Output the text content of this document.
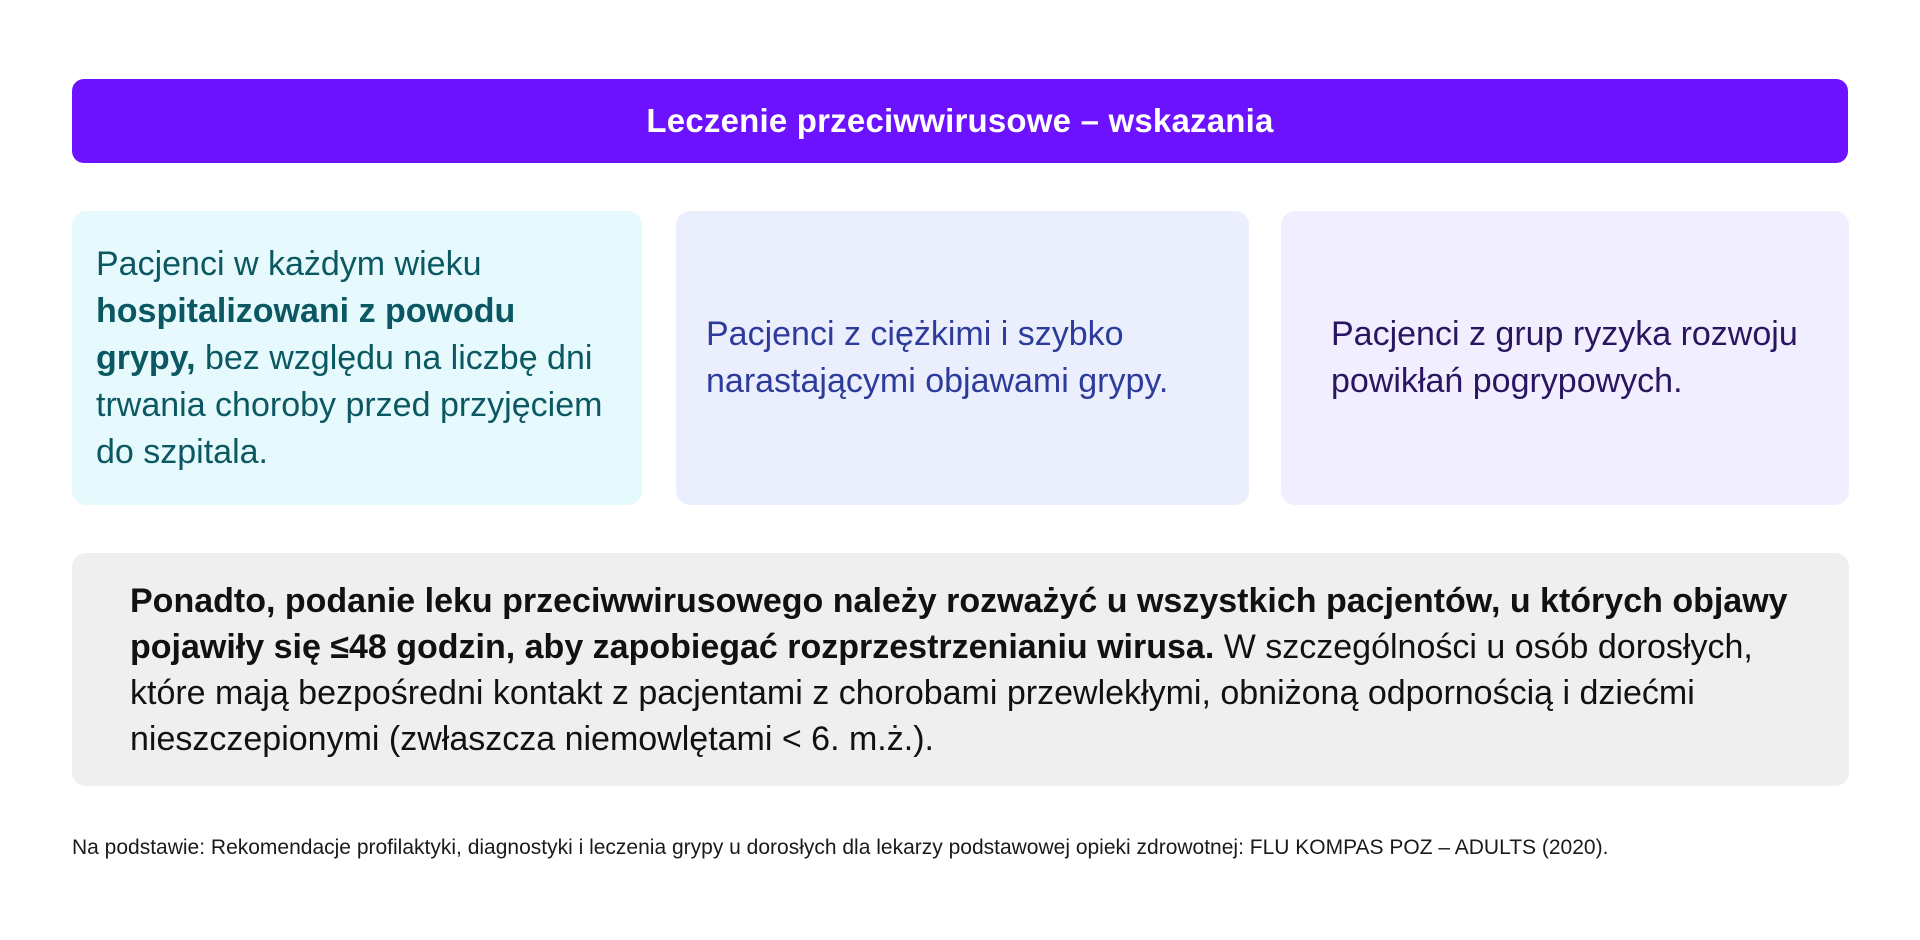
Leczenie przeciwwirusowe – wskazania

Pacjenci w każdym wieku hospitalizowani z powodu grypy, bez względu na liczbę dni trwania choroby przed przyjęciem do szpitala.

Pacjenci z ciężkimi i szybko narastającymi objawami grypy.

Pacjenci z grup ryzyka rozwoju powikłań pogrypowych.

Ponadto, podanie leku przeciwwirusowego należy rozważyć u wszystkich pacjentów, u których objawy pojawiły się ≤48 godzin, aby zapobiegać rozprzestrzenianiu wirusa. W szczególności u osób dorosłych, które mają bezpośredni kontakt z pacjentami z chorobami przewlekłymi, obniżoną odpornością i dziećmi nieszczepionymi (zwłaszcza niemowlętami < 6. m.ż.).

Na podstawie: Rekomendacje profilaktyki, diagnostyki i leczenia grypy u dorosłych dla lekarzy podstawowej opieki zdrowotnej: FLU KOMPAS POZ – ADULTS (2020).
